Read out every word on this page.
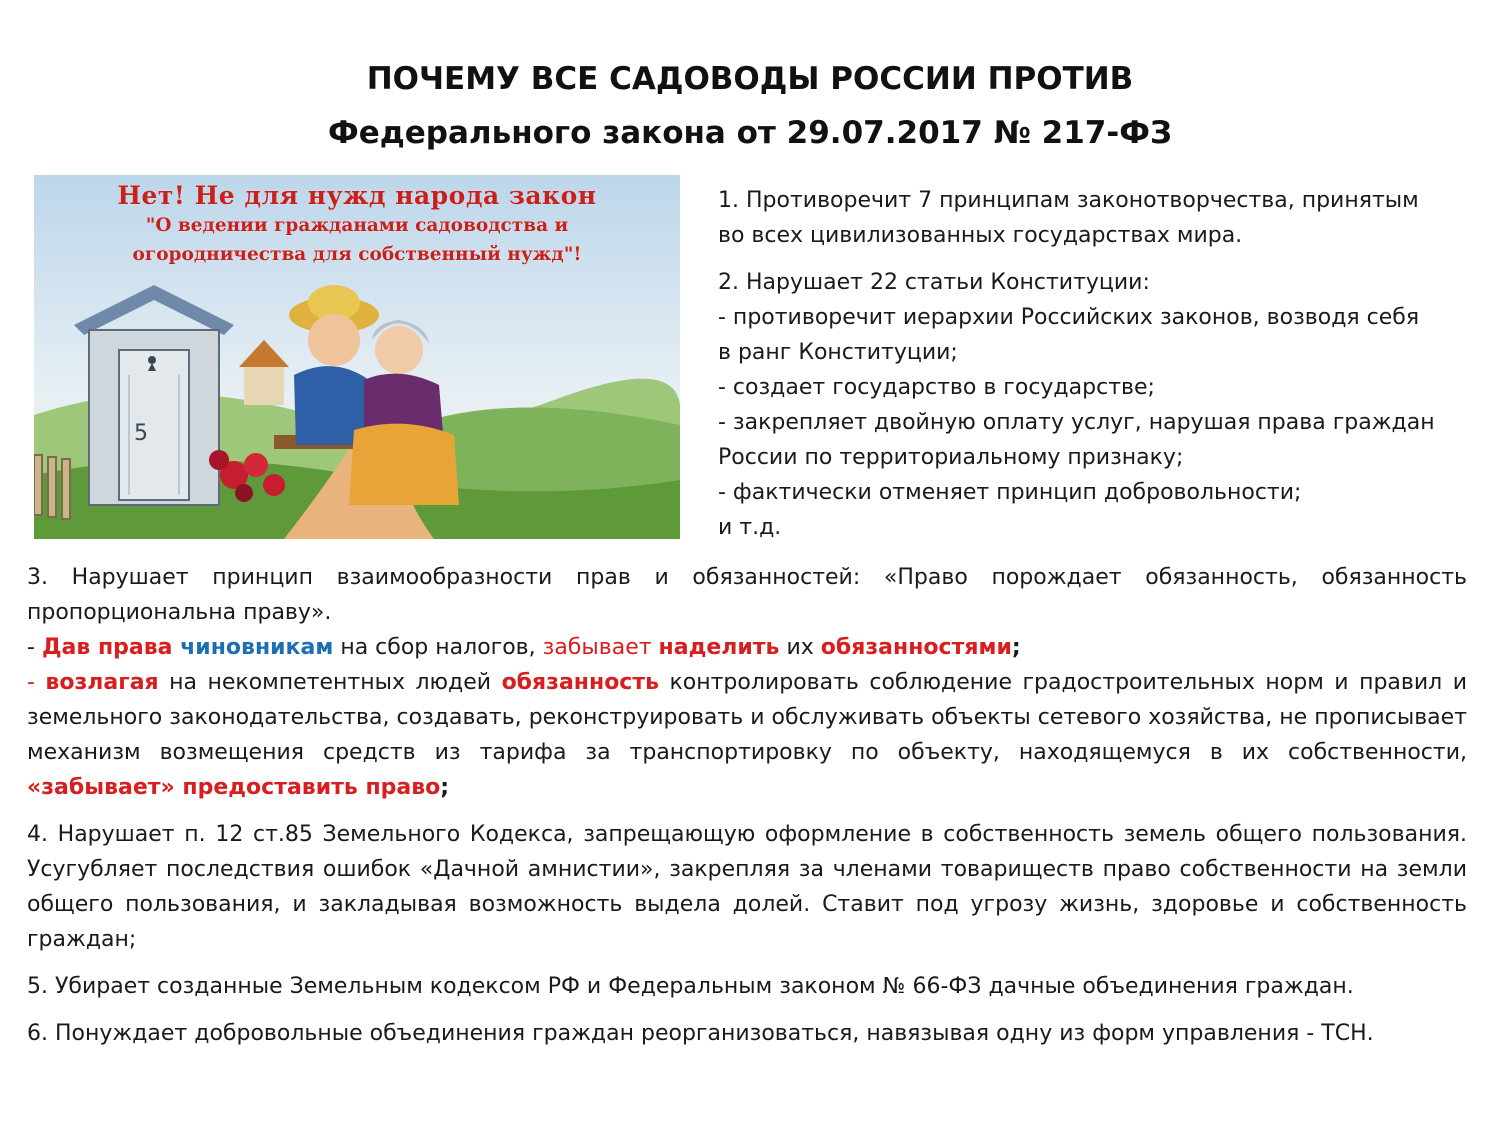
ПОЧЕМУ ВСЕ САДОВОДЫ РОССИИ ПРОТИВ
Федерального закона от 29.07.2017 № 217-ФЗ
5
Нет! Не для нужд народа закон
"О ведении гражданами садоводства и
огородничества для собственный нужд"!

1. Противоречит 7 принципам законотворчества, принятым
во всех цивилизованных государствах мира.

2. Нарушает 22 статьи Конституции:
- противоречит иерархии Российских законов, возводя себя
в ранг Конституции;
- создает государство в государстве;
- закрепляет двойную оплату услуг, нарушая права граждан
России по территориальному признаку;
- фактически отменяет принцип добровольности;
и т.д.

3. Нарушает принцип взаимообразности прав и обязанностей: «Право порождает обязанность, обязанность пропорциональна праву».

- Дав права чиновникам на сбор налогов, забывает наделить их обязанностями;

- возлагая на некомпетентных людей обязанность контролировать соблюдение градостроительных норм и правил и земельного законодательства, создавать, реконструировать и обслуживать объекты сетевого хозяйства, не прописывает механизм возмещения средств из тарифа за транспортировку по объекту, находящемуся в их собственности, «забывает» предоставить право;

4. Нарушает п. 12 ст.85 Земельного Кодекса, запрещающую оформление в собственность земель общего пользования. Усугубляет последствия ошибок «Дачной амнистии», закрепляя за членами товариществ право собственности на земли общего пользования, и закладывая возможность выдела долей. Ставит под угрозу жизнь, здоровье и собственность граждан;

5. Убирает созданные Земельным кодексом РФ и Федеральным законом № 66-ФЗ дачные объединения граждан.

6. Понуждает добровольные объединения граждан реорганизоваться, навязывая одну из форм управления - ТСН.
